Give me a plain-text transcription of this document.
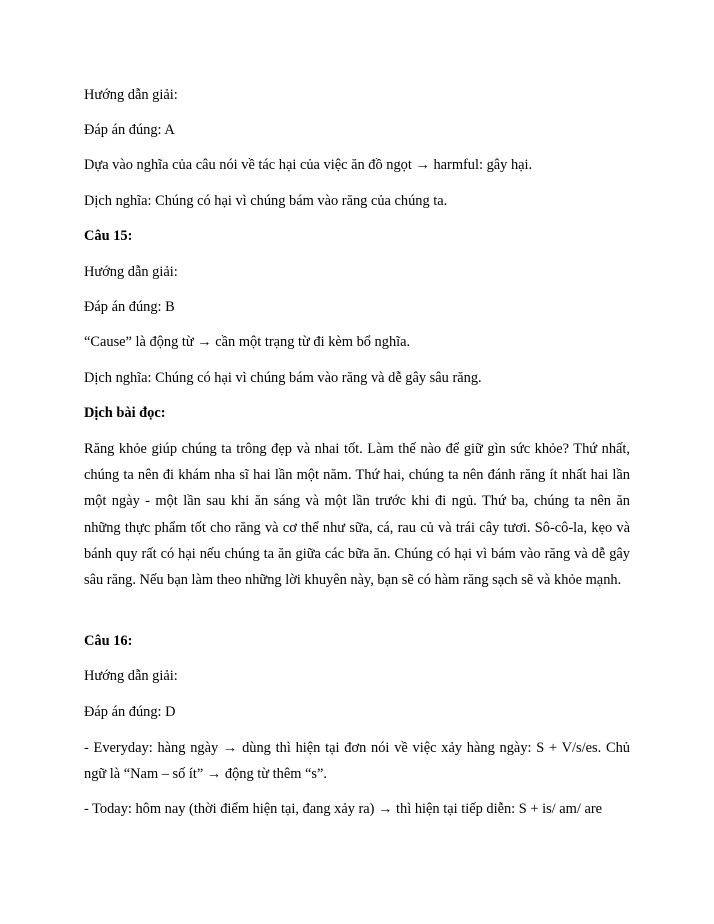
Hướng dẫn giải:
Đáp án đúng: A
Dựa vào nghĩa của câu nói về tác hại của việc ăn đồ ngọt → harmful: gây hại.
Dịch nghĩa: Chúng có hại vì chúng bám vào răng của chúng ta.
Câu 15:
Hướng dẫn giải:
Đáp án đúng: B
“Cause” là động từ → cần một trạng từ đi kèm bổ nghĩa.
Dịch nghĩa: Chúng có hại vì chúng bám vào răng và dễ gây sâu răng.
Dịch bài đọc:
Răng khỏe giúp chúng ta trông đẹp và nhai tốt. Làm thế nào để giữ gìn sức khỏe? Thứ nhất, chúng ta nên đi khám nha sĩ hai lần một năm. Thứ hai, chúng ta nên đánh răng ít nhất hai lần một ngày - một lần sau khi ăn sáng và một lần trước khi đi ngủ. Thứ ba, chúng ta nên ăn những thực phẩm tốt cho răng và cơ thể như sữa, cá, rau củ và trái cây tươi. Sô-cô-la, kẹo và bánh quy rất có hại nếu chúng ta ăn giữa các bữa ăn. Chúng có hại vì bám vào răng và dễ gây sâu răng. Nếu bạn làm theo những lời khuyên này, bạn sẽ có hàm răng sạch sẽ và khỏe mạnh.
Câu 16:
Hướng dẫn giải:
Đáp án đúng: D
- Everyday: hàng ngày → dùng thì hiện tại đơn nói về việc xảy hàng ngày: S + V/s/es. Chủ ngữ là “Nam – số ít” → động từ thêm “s”.
- Today: hôm nay (thời điểm hiện tại, đang xảy ra) → thì hiện tại tiếp diễn: S + is/ am/ are
